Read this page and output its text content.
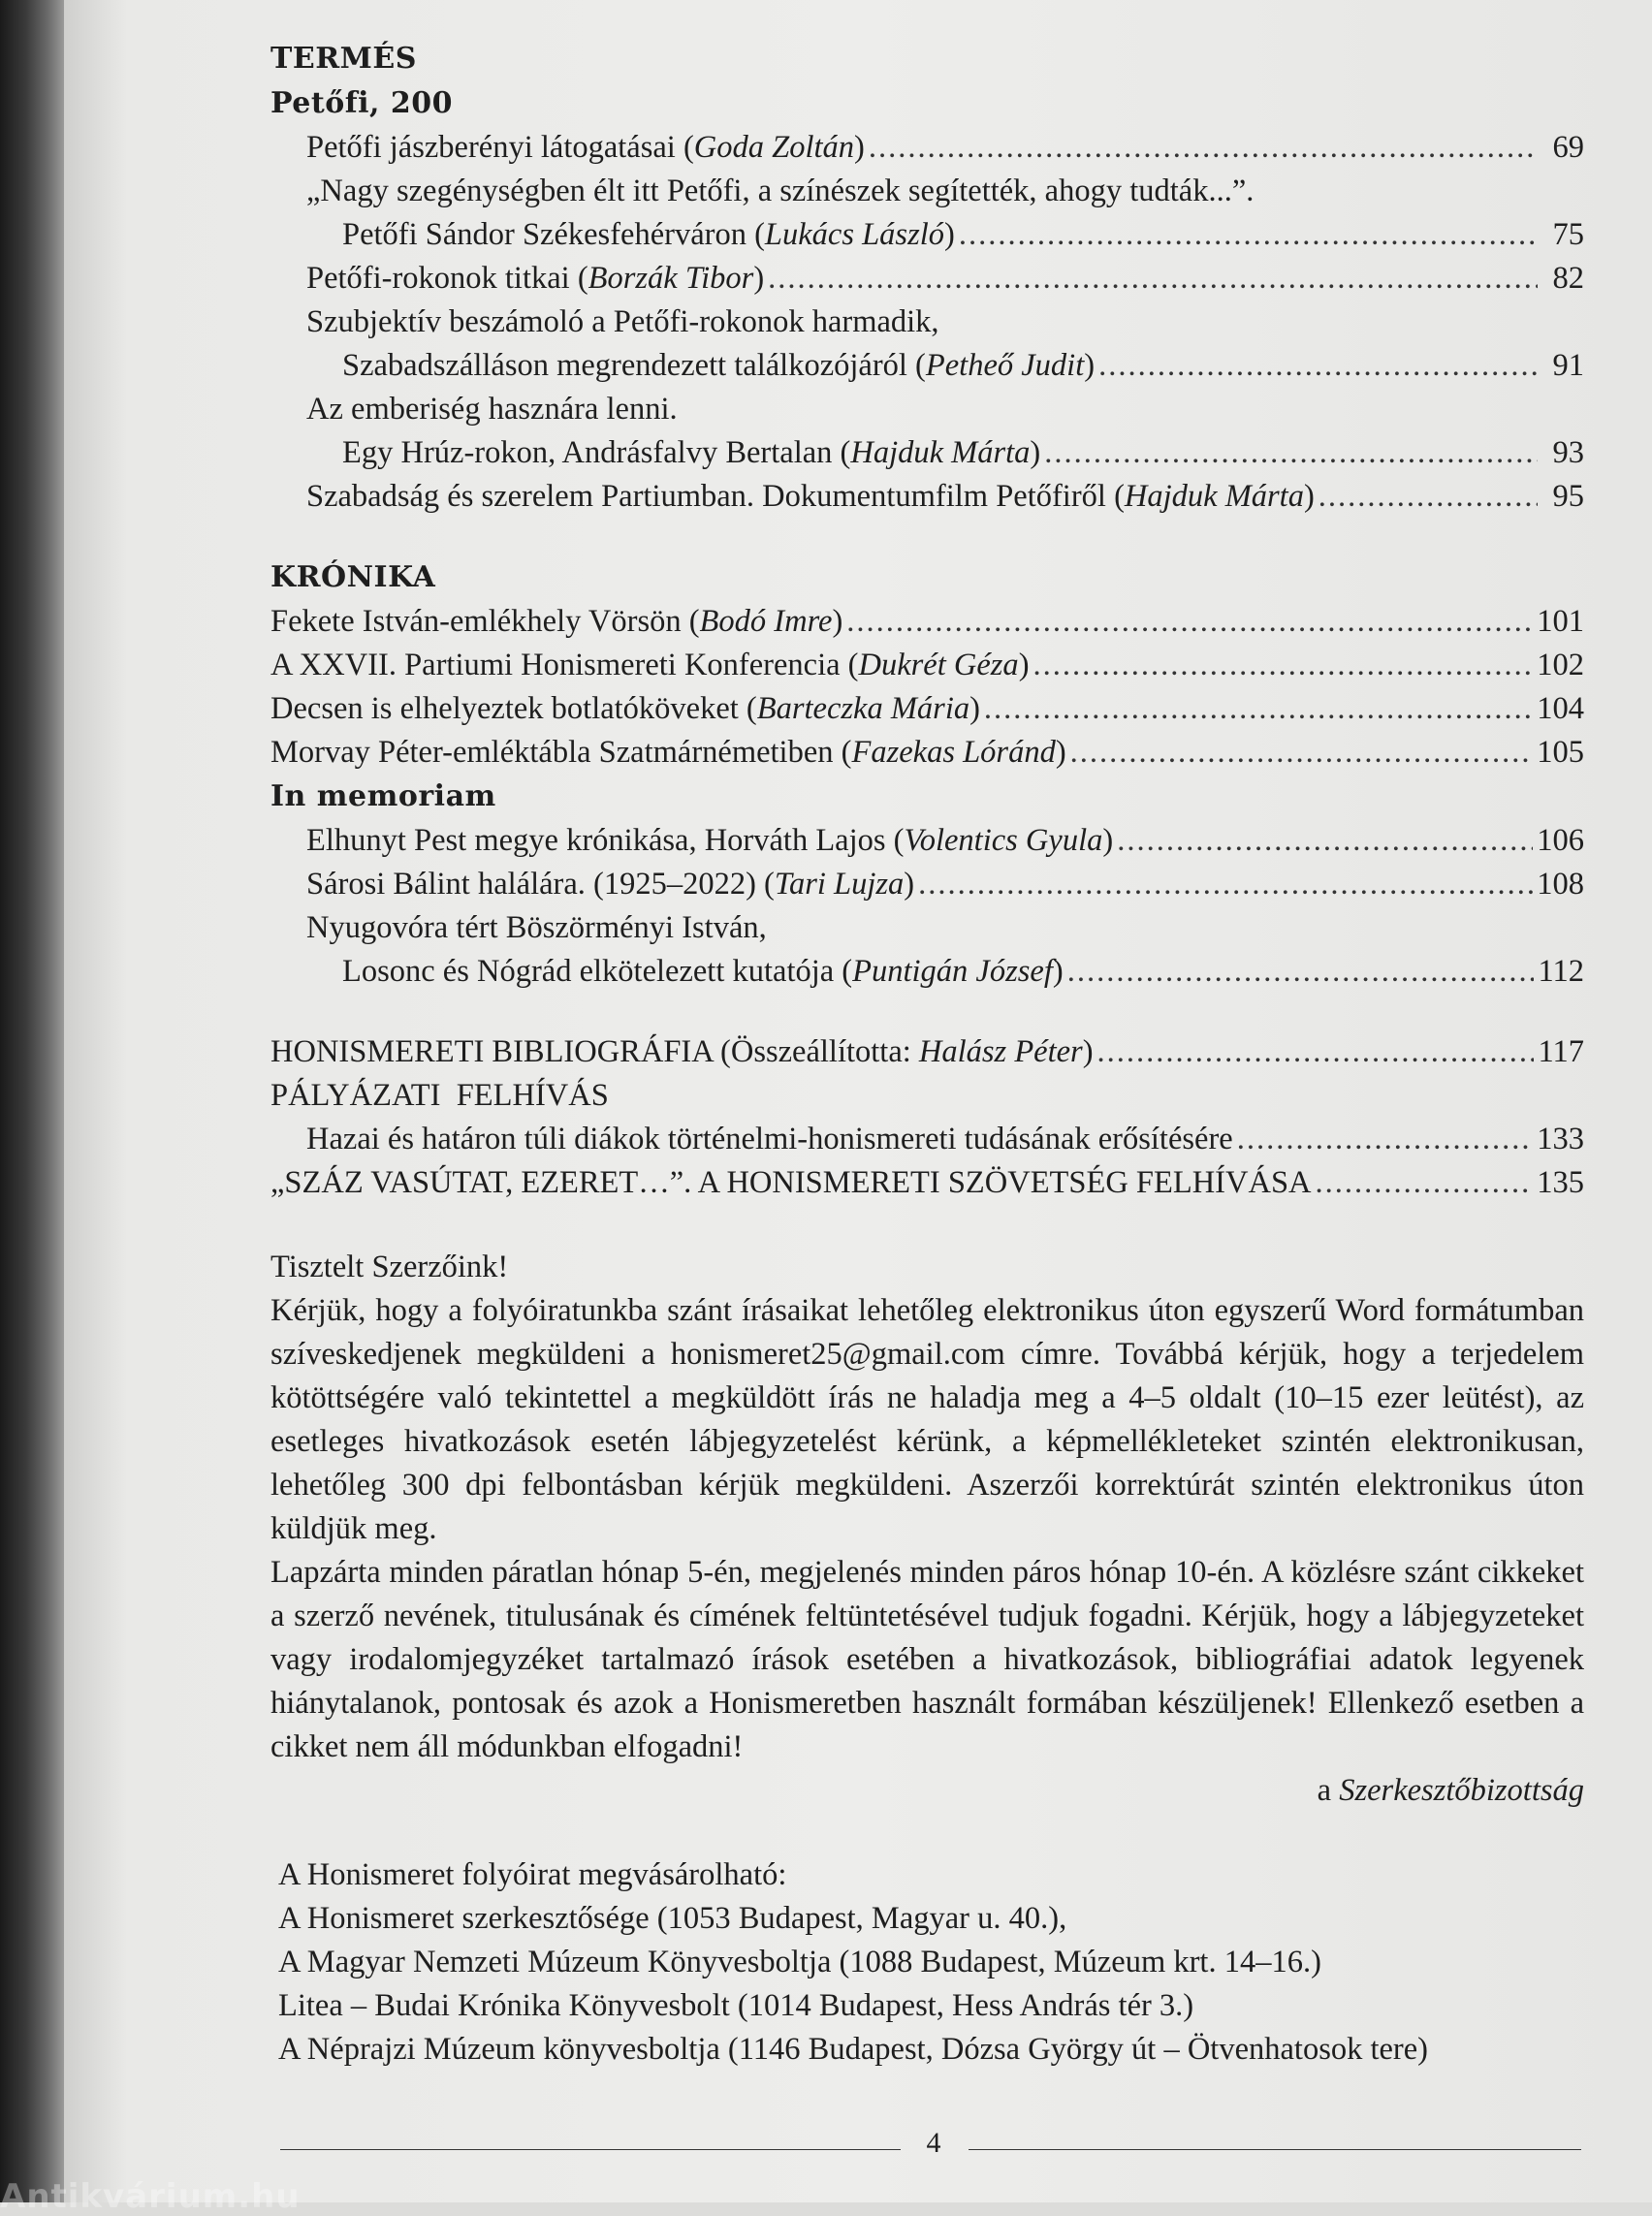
TERMÉS
Petőfi, 200
Petőfi jászberényi látogatásai (Goda Zoltán) .....	69
„Nagy szegénységben élt itt Petőfi, a színészek segítették, ahogy tudták...”.
Petőfi Sándor Székesfehérváron (Lukács László) .....	75
Petőfi-rokonok titkai (Borzák Tibor) .....	82
Szubjektív beszámoló a Petőfi-rokonok harmadik,
Szabadszálláson megrendezett találkozójáról (Petheő Judit) .....	91
Az emberiség hasznára lenni.
Egy Hrúz-rokon, Andrásfalvy Bertalan (Hajduk Márta) .....	93
Szabadság és szerelem Partiumban. Dokumentumfilm Petőfiről (Hajduk Márta) .....	95
KRÓNIKA
Fekete István-emlékhely Vörsön (Bodó Imre) .....	101
A XXVII. Partiumi Honismereti Konferencia (Dukrét Géza) .....	102
Decsen is elhelyeztek botlatóköveket (Barteczka Mária) .....	104
Morvay Péter-emléktábla Szatmárnémetiben (Fazekas Lóránd) .....	105
In memoriam
Elhunyt Pest megye krónikása, Horváth Lajos (Volentics Gyula) .....	106
Sárosi Bálint halálára. (1925–2022) (Tari Lujza) .....	108
Nyugovóra tért Böszörményi István,
Losonc és Nógrád elkötelezett kutatója (Puntigán József) .....	112
HONISMERETI BIBLIOGRÁFIA (Összeállította: Halász Péter) .....	117
PÁLYÁZATI  FELHÍVÁS
Hazai és határon túli diákok történelmi-honismereti tudásának erősítésére .....	133
„SZÁZ VASÚTAT, EZERET…”. A HONISMERETI SZÖVETSÉG FELHÍVÁSA .....	135
Tisztelt Szerzőink!
Kérjük, hogy a folyóiratunkba szánt írásaikat lehetőleg elektronikus úton egyszerű Word formátumban szíveskedjenek megküldeni a honismeret25@gmail.com címre. Továbbá kérjük, hogy a terjedelem kötöttségére való tekintettel a megküldött írás ne haladja meg a 4–5 oldalt (10–15 ezer leütést), az esetleges hivatkozások esetén lábjegyzetelést kérünk, a képmellékleteket szintén elektronikusan, lehetőleg 300 dpi felbontásban kérjük megküldeni. Aszerzői korrektúrát szintén elektronikus úton küldjük meg.
Lapzárta minden páratlan hónap 5-én, megjelenés minden páros hónap 10-én. A közlésre szánt cikkeket a szerző nevének, titulusának és címének feltüntetésével tudjuk fogadni. Kérjük, hogy a lábjegyzeteket vagy irodalomjegyzéket tartalmazó írások esetében a hivatkozások, bibliográfiai adatok legyenek hiánytalanok, pontosak és azok a Honismeretben használt formában készüljenek! Ellenkező esetben a cikket nem áll módunkban elfogadni!
a Szerkesztőbizottság
A Honismeret folyóirat megvásárolható:
A Honismeret szerkesztősége (1053 Budapest, Magyar u. 40.),
A Magyar Nemzeti Múzeum Könyvesboltja (1088 Budapest, Múzeum krt. 14–16.)
Litea – Budai Krónika Könyvesbolt (1014 Budapest, Hess András tér 3.)
A Néprajzi Múzeum könyvesboltja (1146 Budapest, Dózsa György út – Ötvenhatosok tere)
4
Antikvárium.hu
